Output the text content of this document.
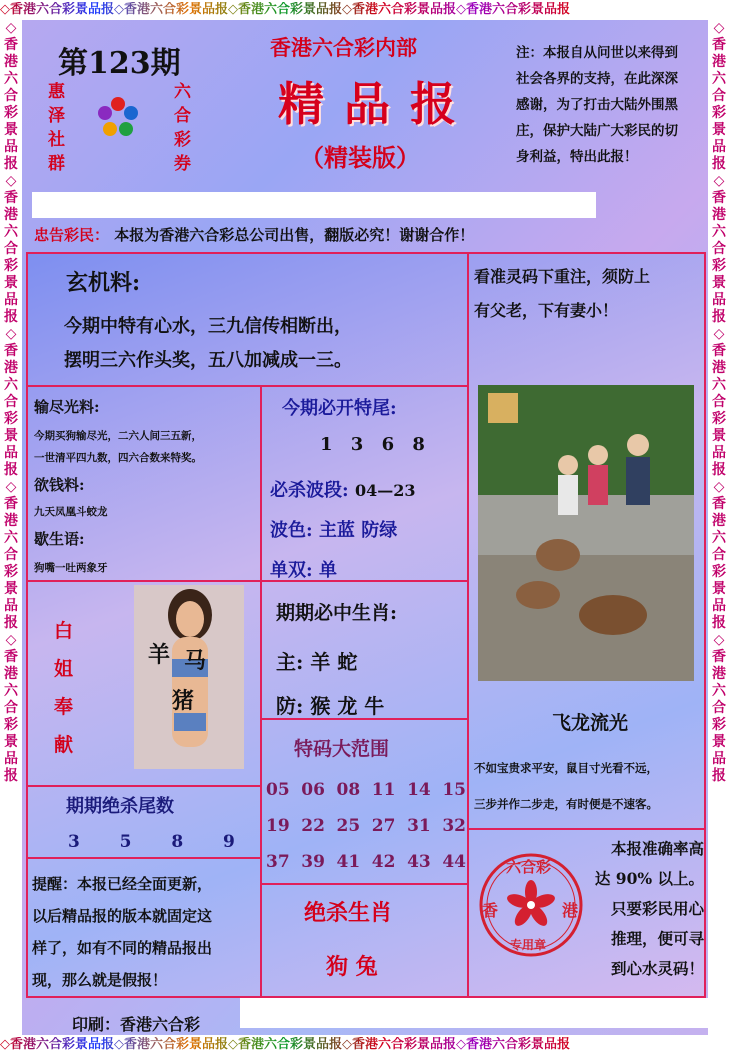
◇香港六合彩景品报◇香港六合彩景品报◇香港六合彩景品报◇香港六合彩景品报◇香港六合彩景品报
◇香港六合彩景品报◇香港六合彩景品报◇香港六合彩景品报◇香港六合彩景品报◇香港六合彩景品报
◇香港六合彩景品报◇香港六合彩景品报◇香港六合彩景品报◇香港六合彩景品报◇香港六合彩景品报
◇香港六合彩景品报◇香港六合彩景品报◇香港六合彩景品报◇香港六合彩景品报◇香港六合彩景品报
第123期
惠
泽
社
群
六
合
彩
券
香港六合彩内部
精 品 报
（精装版）
注：本报自从问世以来得到
社会各界的支持，在此深深
感谢，为了打击大陆外围黑
庄，保护大陆广大彩民的切
身利益，特出此报！
忠告彩民： 本报为香港六合彩总公司出售，翻版必究！谢谢合作！
玄机料:
今期中特有心水，三九信传相断出，
摆明三六作头奖，五八加减成一三。
看准灵码下重注，须防上
有父老，下有妻小！
输尽光料:
今期买狗输尽光，二六人间三五新，
一世清平四九数，四六合数来特奖。
欲钱料:
九天凤凰斗蛟龙
歇生语:
狗嘴一吐两象牙
今期必开特尾:
1 3 6 8
必杀波段: 04—23
波色: 主蓝 防绿
单双: 单
期期必中生肖:
主: 羊 蛇
防: 猴 龙 牛
白
姐
奉
献
羊 马
猪
飞龙流光
不如宝贵求平安，鼠目寸光看不远，
三步并作二步走，有时便是不速客。
特码大范围
05 06 08 11 14 15
19 22 25 27 31 32
37 39 41 42 43 44
期期绝杀尾数
3  5  8  9
提醒：本报已经全面更新，
以后精品报的版本就固定这
样了，如有不同的精品报出
现，那么就是假报！
绝杀生肖
狗 兔
六合彩
香	港
专用章
本报准确率高
达 90% 以上。
只要彩民用心
推理，便可寻
到心水灵码！
印刷：香港六合彩
